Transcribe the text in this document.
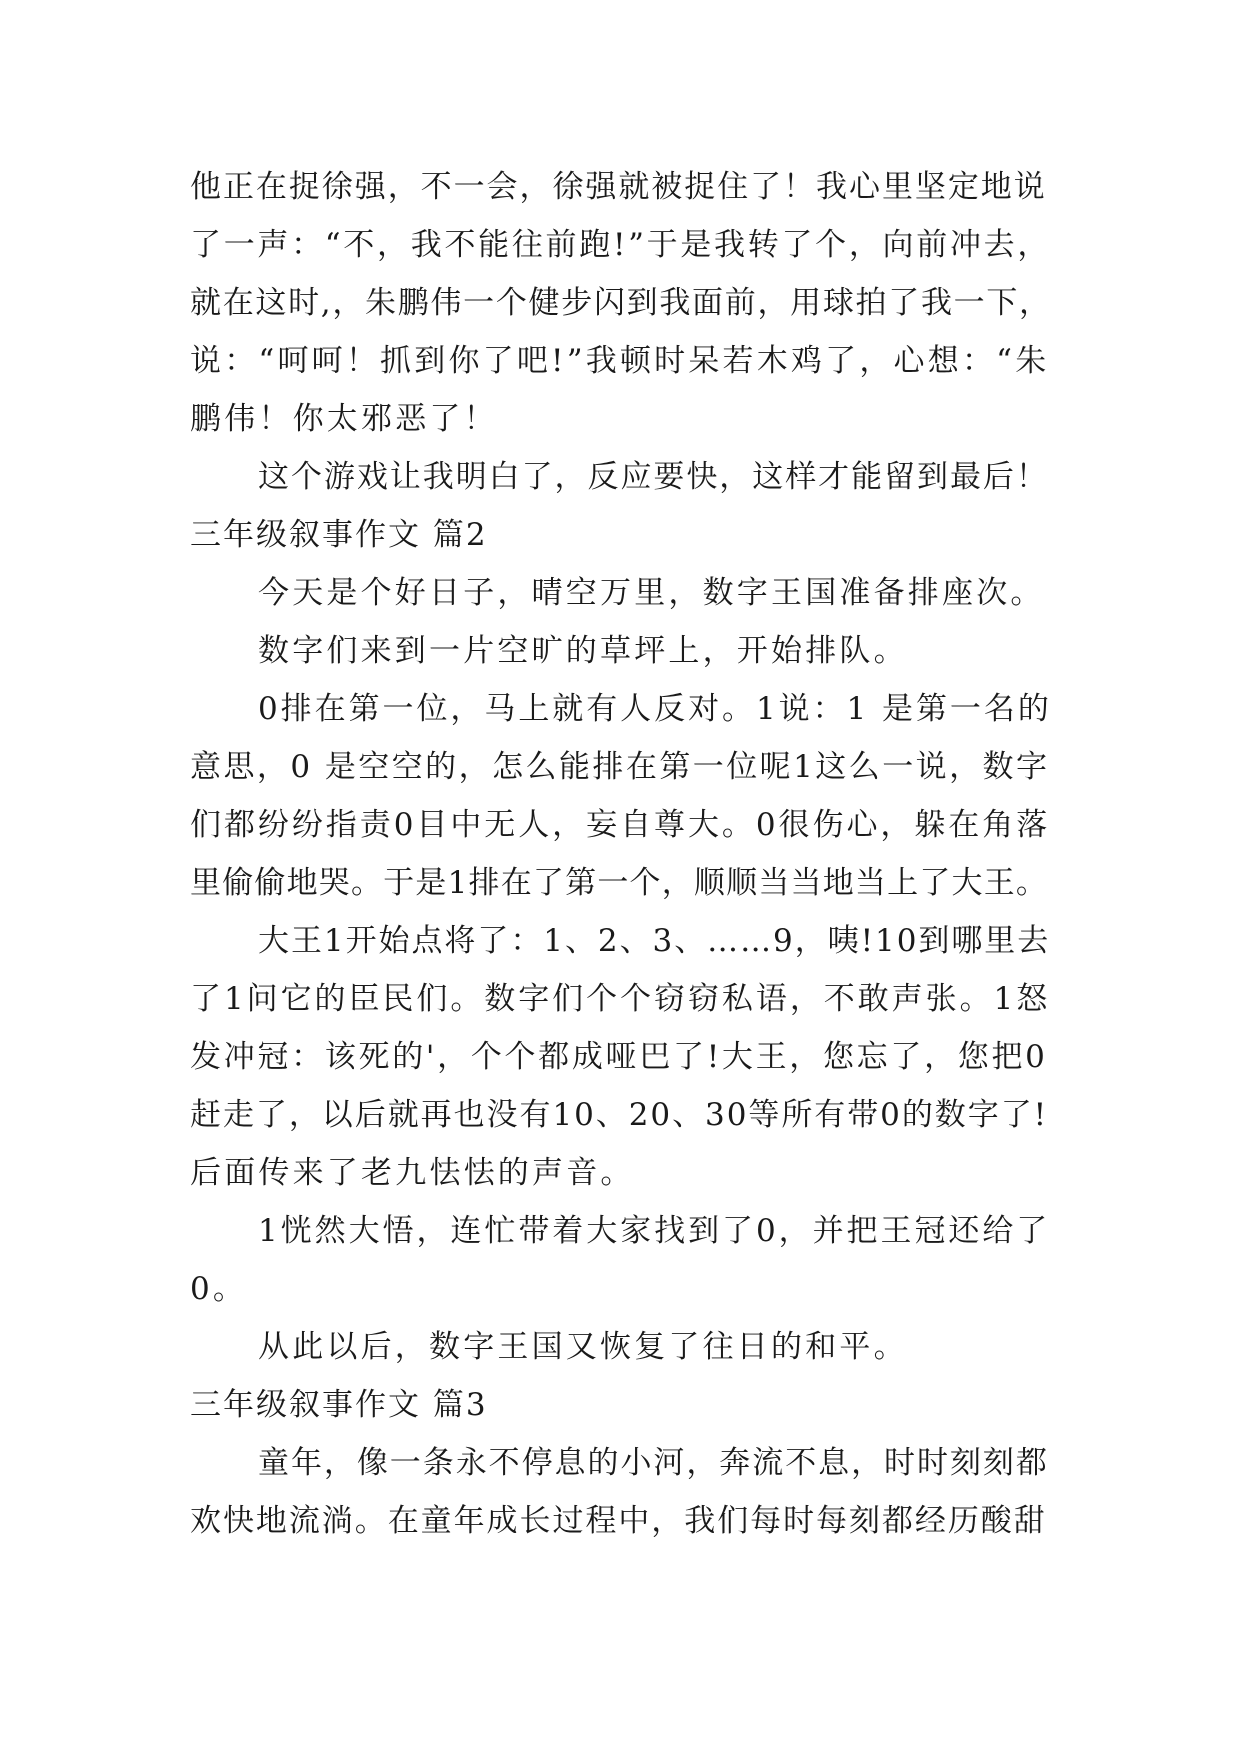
他正在捉徐强，不一会，徐强就被捉住了！我心里坚定地说
了一声：“不，我不能往前跑!”于是我转了个，向前冲去，
就在这时,，朱鹏伟一个健步闪到我面前，用球拍了我一下，
说：“呵呵！抓到你了吧!”我顿时呆若木鸡了，心想：“朱
鹏伟！你太邪恶了！
这个游戏让我明白了，反应要快，这样才能留到最后！
三年级叙事作文 篇2
今天是个好日子，晴空万里，数字王国准备排座次。
数字们来到一片空旷的草坪上，开始排队。
0排在第一位，马上就有人反对。1说：1 是第一名的
意思，0 是空空的，怎么能排在第一位呢1这么一说，数字
们都纷纷指责0目中无人，妄自尊大。0很伤心，躲在角落
里偷偷地哭。于是1排在了第一个，顺顺当当地当上了大王。
大王1开始点将了：1、2、3、……9，咦!10到哪里去
了1问它的臣民们。数字们个个窃窃私语，不敢声张。1怒
发冲冠：该死的'，个个都成哑巴了!大王，您忘了，您把0
赶走了，以后就再也没有10、20、30等所有带0的数字了!
后面传来了老九怯怯的声音。
1恍然大悟，连忙带着大家找到了0，并把王冠还给了
0。
从此以后，数字王国又恢复了往日的和平。
三年级叙事作文 篇3
童年，像一条永不停息的小河，奔流不息，时时刻刻都
欢快地流淌。在童年成长过程中，我们每时每刻都经历酸甜
